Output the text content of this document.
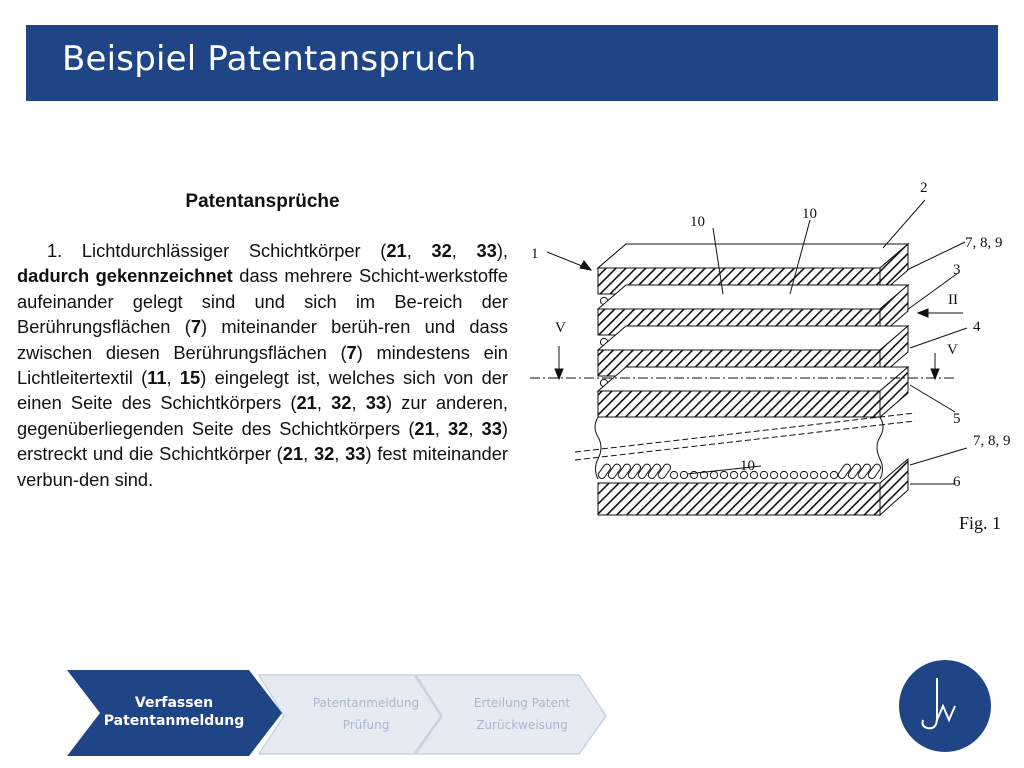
Beispiel Patentanspruch
Patentansprüche

1. Lichtdurchlässiger Schichtkörper (21, 32, 33), dadurch gekennzeichnet dass mehrere Schicht-werkstoffe aufeinander gelegt sind und sich im Be-reich der Berührungsflächen (7) miteinander berüh-ren und dass zwischen diesen Berührungsflächen (7) mindestens ein Lichtleitertextil (11, 15) eingelegt ist, welches sich von der einen Seite des Schichtkörpers (21, 32, 33) zur anderen, gegenüberliegenden Seite des Schichtkörpers (21, 32, 33) erstreckt und die Schichtkörper (21, 32, 33) fest miteinander verbun-den sind.

2
10	10
1
7, 8, 9
3
II
V	4
V
5
7, 8, 9
10
6
Fig. 1
Verfassen
Patentanmeldung
Patentanmeldung
Prüfung
Erteilung Patent
Zurückweisung
